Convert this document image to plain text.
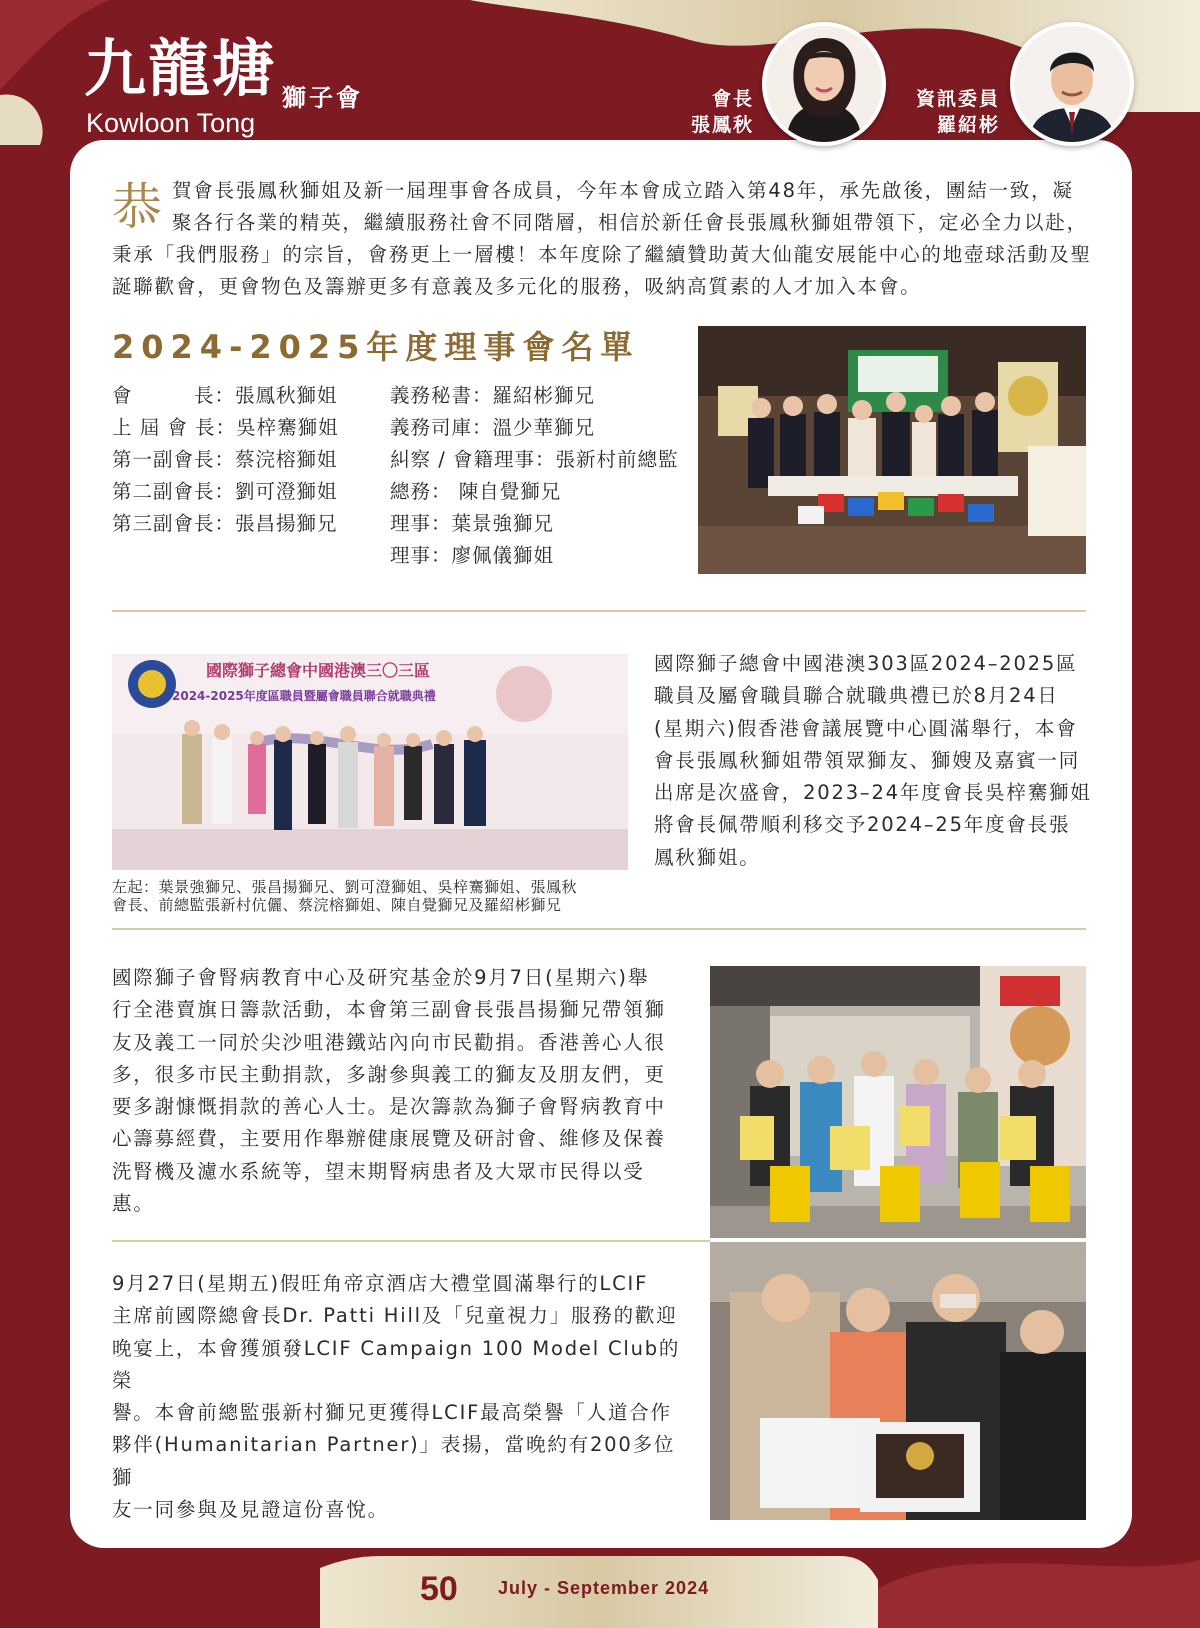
九龍塘 獅子會
Kowloon Tong
會長
張鳳秋
資訊委員
羅紹彬
恭 賀會長張鳳秋獅姐及新一屆理事會各成員，今年本會成立踏入第48年，承先啟後，團結一致，凝
聚各行各業的精英，繼續服務社會不同階層，相信於新任會長張鳳秋獅姐帶領下，定必全力以赴，
秉承「我們服務」的宗旨，會務更上一層樓！本年度除了繼續贊助黃大仙龍安展能中心的地壺球活動及聖
誕聯歡會，更會物色及籌辦更多有意義及多元化的服務，吸納高質素的人才加入本會。
2024-2025年度理事會名單
會　　　長：張鳳秋獅姐
上 屆 會 長：吳梓騫獅姐
第一副會長：蔡浣榕獅姐
第二副會長：劉可澄獅姐
第三副會長：張昌揚獅兄
義務秘書：羅紹彬獅兄
義務司庫：溫少華獅兄
糾察 / 會籍理事：張新村前總監
總務： 陳自覺獅兄
理事：葉景強獅兄
理事：廖佩儀獅姐
國際獅子總會中國港澳三〇三區
2024-2025年度區職員暨屬會職員聯合就職典禮
左起：葉景強獅兄、張昌揚獅兄、劉可澄獅姐、吳梓騫獅姐、張鳳秋
會長、前總監張新村伉儷、蔡浣榕獅姐、陳自覺獅兄及羅紹彬獅兄
國際獅子總會中國港澳303區2024–2025區
職員及屬會職員聯合就職典禮已於8月24日
(星期六)假香港會議展覽中心圓滿舉行，本會
會長張鳳秋獅姐帶領眾獅友、獅嫂及嘉賓一同
出席是次盛會，2023–24年度會長吳梓騫獅姐
將會長佩帶順利移交予2024–25年度會長張
鳳秋獅姐。
國際獅子會腎病教育中心及研究基金於9月7日(星期六)舉
行全港賣旗日籌款活動，本會第三副會長張昌揚獅兄帶領獅
友及義工一同於尖沙咀港鐵站內向市民勸捐。香港善心人很
多，很多市民主動捐款，多謝參與義工的獅友及朋友們，更
要多謝慷慨捐款的善心人士。是次籌款為獅子會腎病教育中
心籌募經費，主要用作舉辦健康展覽及研討會、維修及保養
洗腎機及濾水系統等，望末期腎病患者及大眾市民得以受
惠。
9月27日(星期五)假旺角帝京酒店大禮堂圓滿舉行的LCIF
主席前國際總會長Dr. Patti Hill及「兒童視力」服務的歡迎
晚宴上，本會獲頒發LCIF Campaign 100 Model Club的榮
譽。本會前總監張新村獅兄更獲得LCIF最高榮譽「人道合作
夥伴(Humanitarian Partner)」表揚，當晚約有200多位獅
友一同參與及見證這份喜悅。
50 July - September 2024
